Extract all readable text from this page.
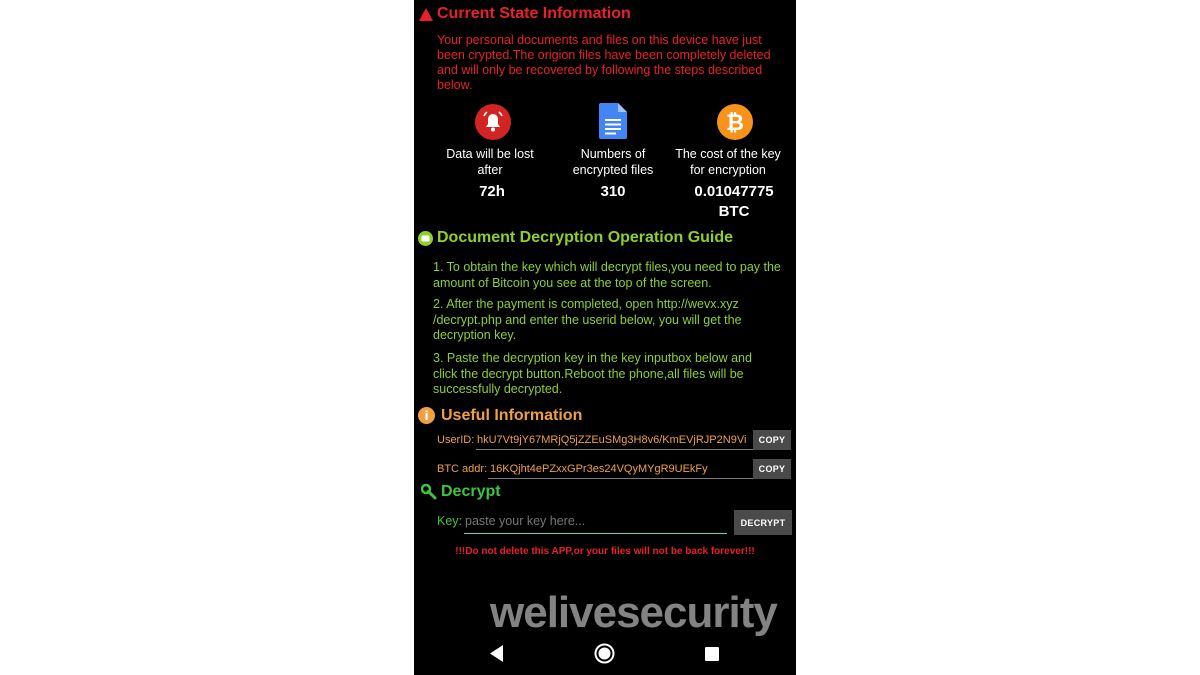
Current State Information
Your personal documents and files on this device have just
been crypted.The origion files have been completely deleted
and will only be recovered by following the steps described
below.
₿
Data will be lost
after
72h
Numbers of
encrypted files
310
The cost of the key
for encryption
0.01047775
BTC
Document Decryption Operation Guide
1. To obtain the key which will decrypt files,you need to pay the
amount of Bitcoin you see at the top of the screen.
2. After the payment is completed, open http://wevx.xyz
/decrypt.php and enter the userid below, you will get the
decryption key.
3. Paste the decryption key in the key inputbox below and
click the decrypt button.Reboot the phone,all files will be
successfully decrypted.
i Useful Information
UserID: hkU7Vt9jY67MRjQ5jZZEuSMg3H8v6/KmEVjRJP2N9Vi	COPY
BTC addr: 16KQjht4ePZxxGPr3es24VQyMYgR9UEkFy	COPY
Decrypt
Key:
paste your key here...	DECRYPT
!!!Do not delete this APP,or your files will not be back forever!!!
welivesecurity
